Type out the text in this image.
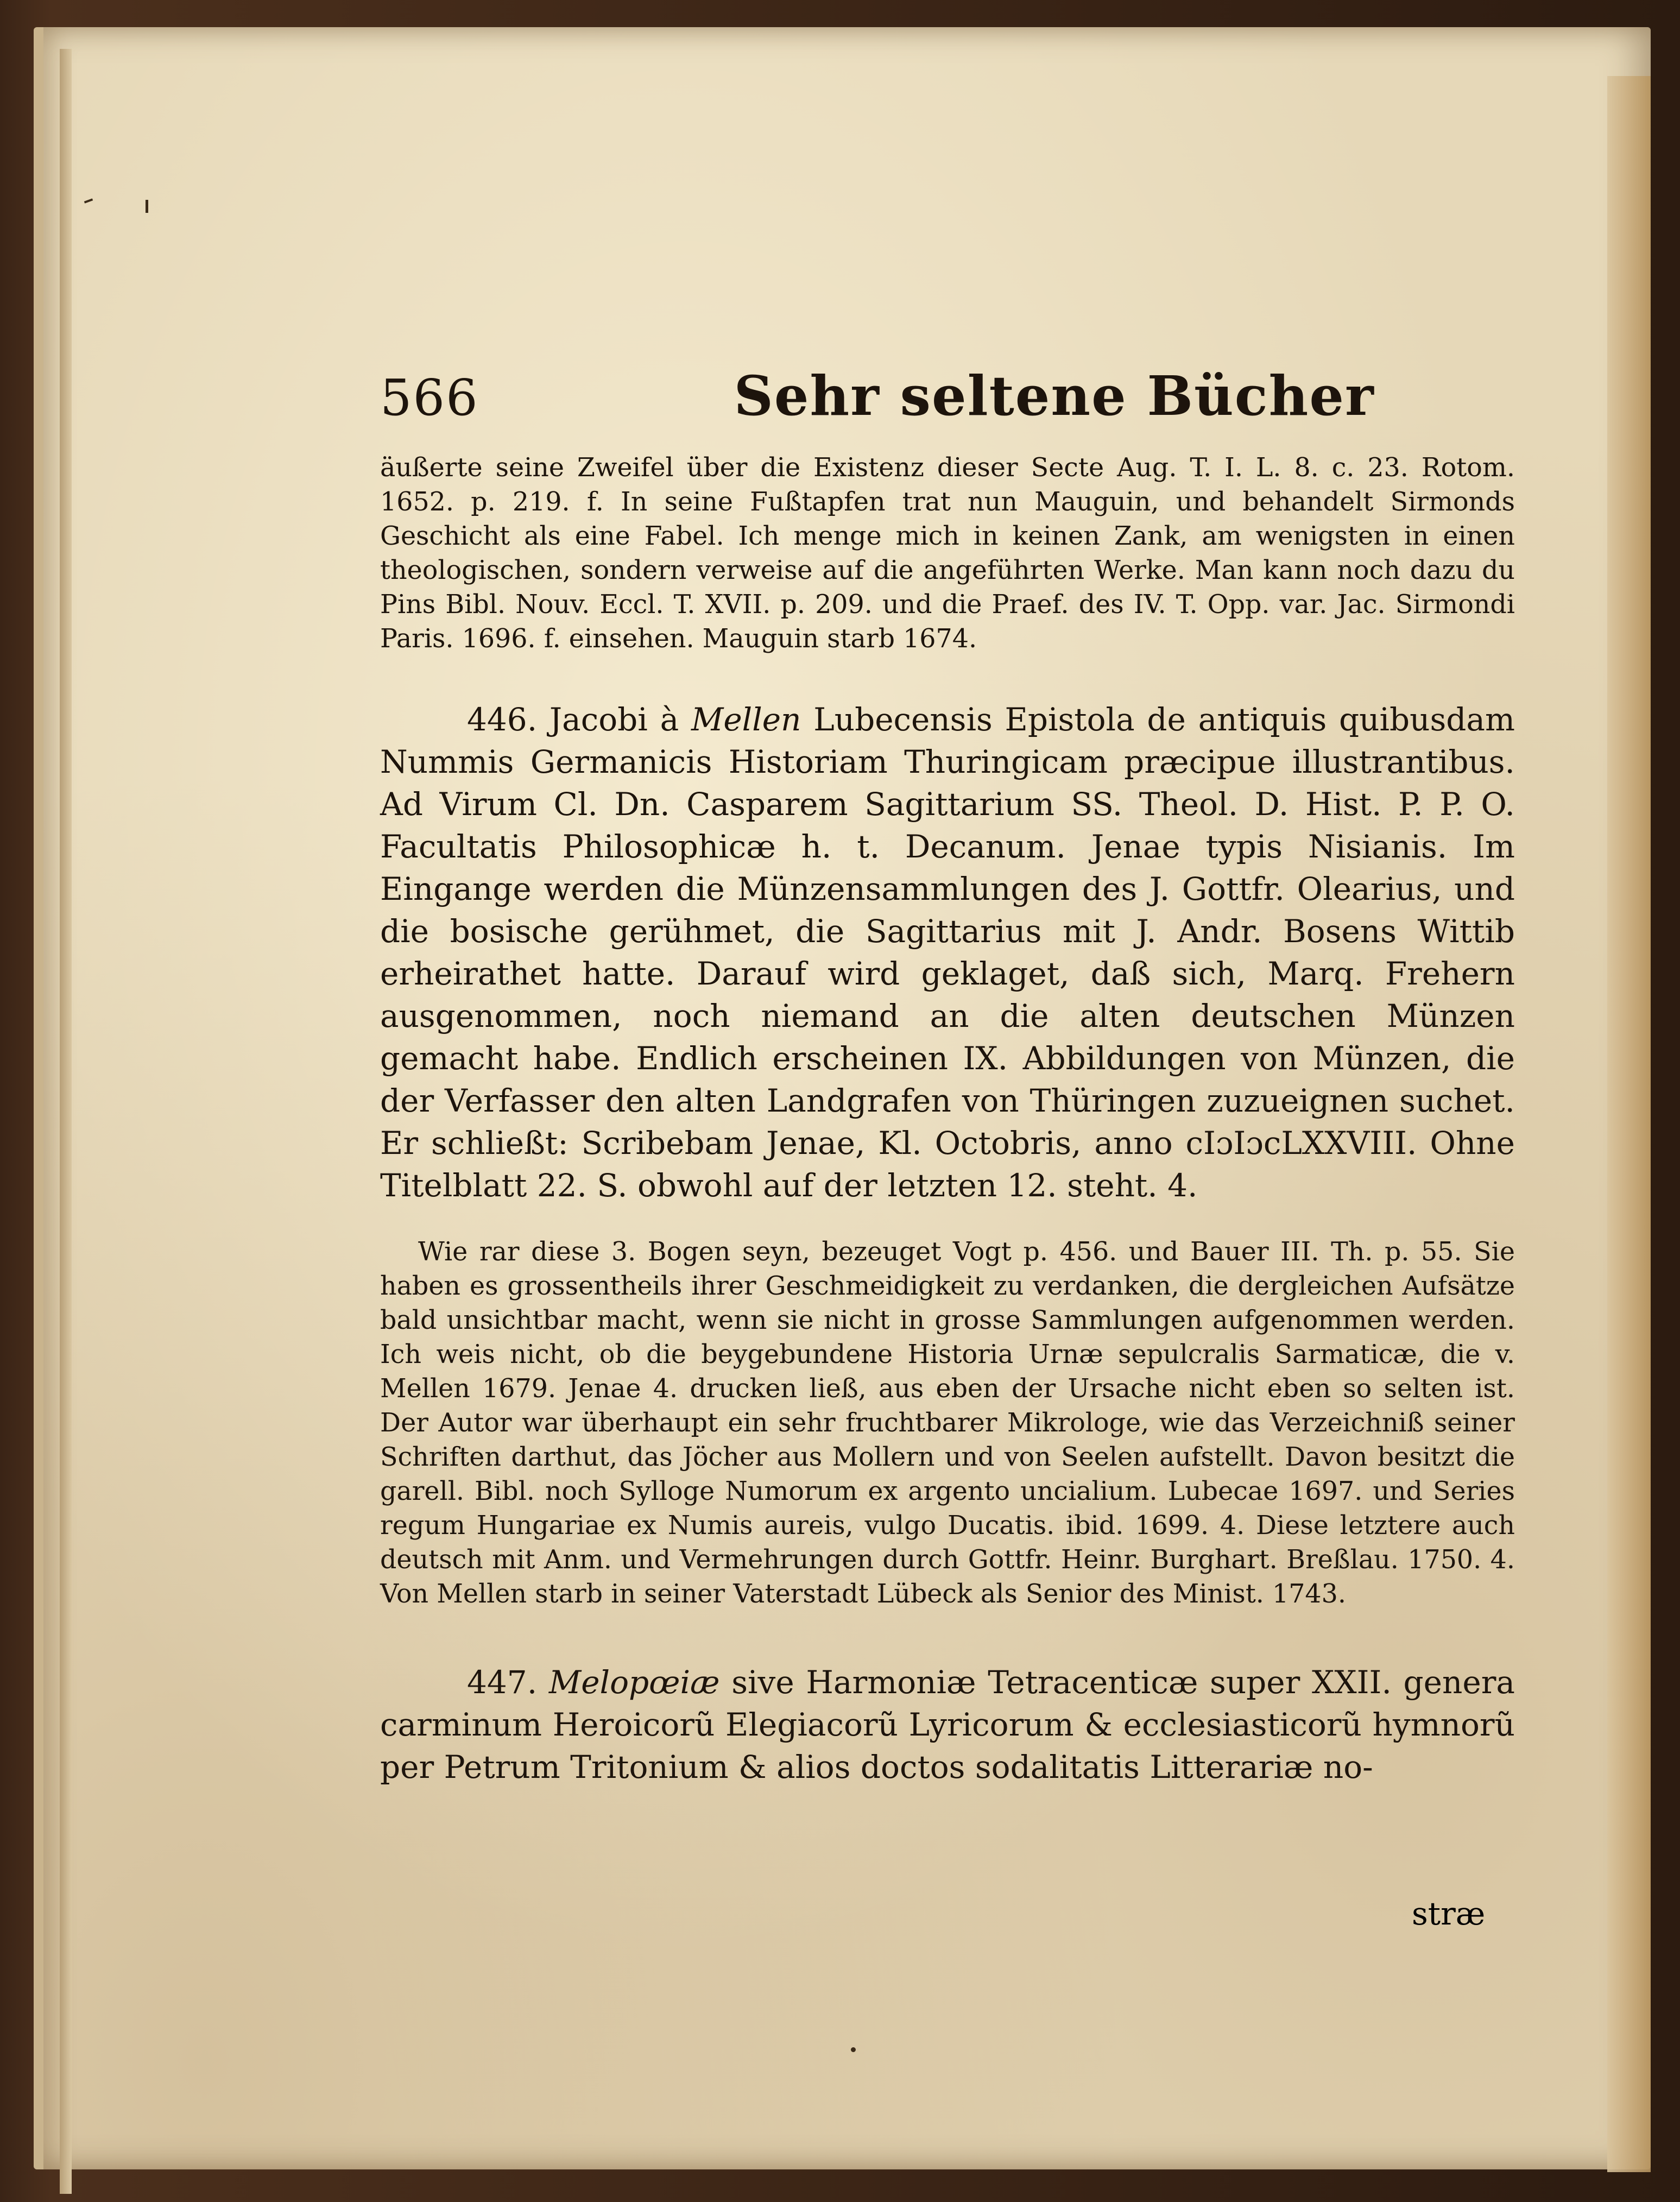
566	Sehr seltene Bücher

äußerte seine Zweifel über die Existenz dieser Secte Aug. T. I. L. 8. c. 23. Rotom. 1652. p. 219. f. In seine Fußtapfen trat nun Mauguin, und behandelt Sirmonds Geschicht als eine Fabel. Ich menge mich in keinen Zank, am wenigsten in einen theologischen, sondern verweise auf die angeführten Werke. Man kann noch dazu du Pins Bibl. Nouv. Eccl. T. XVII. p. 209. und die Praef. des IV. T. Opp. var. Jac. Sirmondi Paris. 1696. f. einsehen. Mauguin starb 1674.

446. Jacobi à Mellen Lubecensis Epistola de antiquis quibusdam Nummis Germanicis Historiam Thuringicam præcipue illustrantibus. Ad Virum Cl. Dn. Casparem Sagittarium SS. Theol. D. Hist. P. P. O. Facultatis Philosophicæ h. t. Decanum. Jenae typis Nisianis. Im Eingange werden die Münzensammlungen des J. Gottfr. Olearius, und die bosische gerühmet, die Sagittarius mit J. Andr. Bosens Wittib erheirathet hatte. Darauf wird geklaget, daß sich, Marq. Frehern ausgenommen, noch niemand an die alten deutschen Münzen gemacht habe. Endlich erscheinen IX. Abbildungen von Münzen, die der Verfasser den alten Landgrafen von Thüringen zuzueignen suchet. Er schließt: Scribebam Jenae, Kl. Octobris, anno cIɔIɔcLXXVIII. Ohne Titelblatt 22. S. obwohl auf der letzten 12. steht. 4.

Wie rar diese 3. Bogen seyn, bezeuget Vogt p. 456. und Bauer III. Th. p. 55. Sie haben es grossentheils ihrer Geschmeidigkeit zu verdanken, die dergleichen Aufsätze bald unsichtbar macht, wenn sie nicht in grosse Sammlungen aufgenommen werden. Ich weis nicht, ob die beygebundene Historia Urnæ sepulcralis Sarmaticæ, die v. Mellen 1679. Jenae 4. drucken ließ, aus eben der Ursache nicht eben so selten ist. Der Autor war überhaupt ein sehr fruchtbarer Mikrologe, wie das Verzeichniß seiner Schriften darthut, das Jöcher aus Mollern und von Seelen aufstellt. Davon besitzt die garell. Bibl. noch Sylloge Numorum ex argento uncialium. Lubecae 1697. und Series regum Hungariae ex Numis aureis, vulgo Ducatis. ibid. 1699. 4. Diese letztere auch deutsch mit Anm. und Vermehrungen durch Gottfr. Heinr. Burghart. Breßlau. 1750. 4. Von Mellen starb in seiner Vaterstadt Lübeck als Senior des Minist. 1743.

447. Melopœiæ sive Harmoniæ Tetracenticæ super XXII. genera carminum Heroicorũ Elegiacorũ Lyricorum & ecclesiasticorũ hymnorũ per Petrum Tritonium & alios doctos sodalitatis Litterariæ no-

stræ
